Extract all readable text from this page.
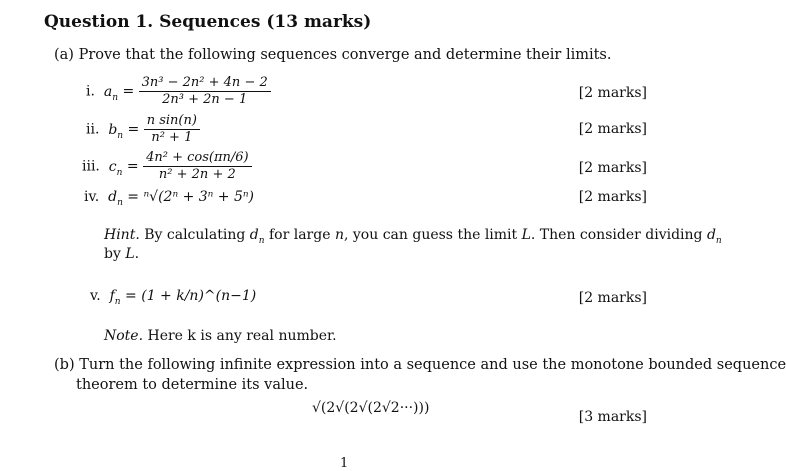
Question 1. Sequences (13 marks)
(a) Prove that the following sequences converge and determine their limits.
i. $a_n = \frac{\text{3n³ − 2n² + 4n − 2}}{\text{2n³ + 2n − 1}}$	[2 marks]
ii. $b_n = \frac{\text{n sin(n)}}{\text{n² + 1}}$	[2 marks]
iii. $c_n = \frac{\text{4n² + cos(πn/6)}}{\text{n² + 2n + 2}}$	[2 marks]
iv. $d_n = ^n√(2^n + 3^n + 5^n)$	[2 marks]
Hint. By calculating $d_n$ for large n, you can guess the limit L. Then consider dividing $d_n$
by L.
v. $f_n = (1$ + k/n)^(n−1)	[2 marks]
Note. Here k is any real number.
(b) Turn the following infinite expression into a sequence and use the monotone bounded sequence
theorem to determine its value.
√(2√(2√(2√2···)))
[3 marks]
1
